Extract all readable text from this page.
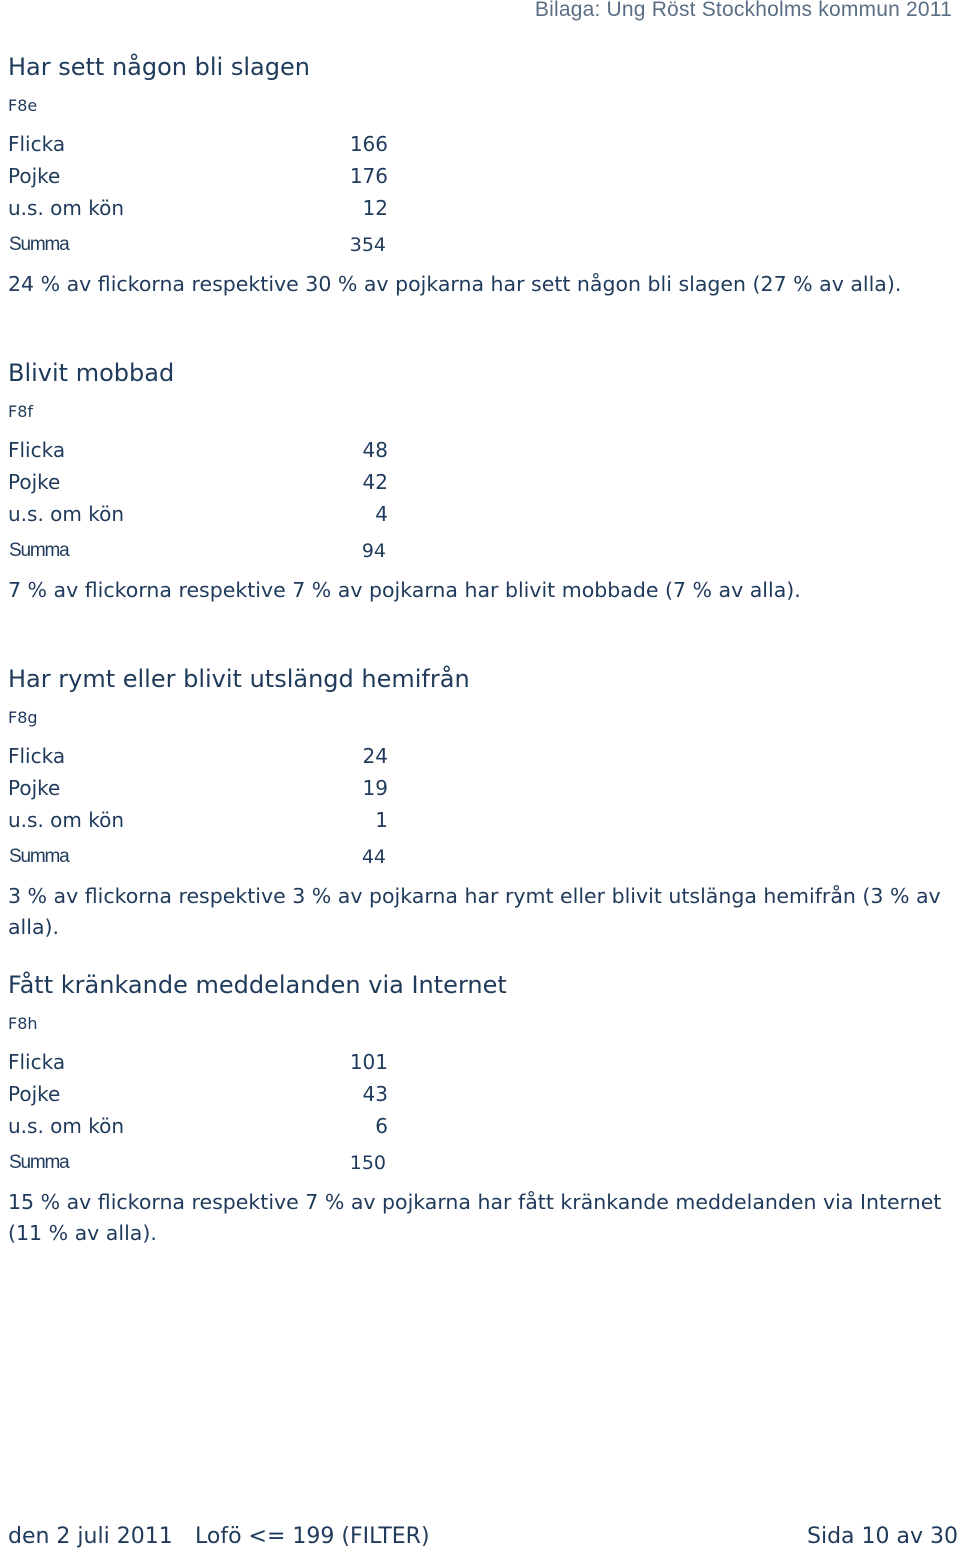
Bilaga: Ung Röst Stockholms kommun 2011
Har sett någon bli slagen
F8e
Flicka	166
Pojke	176
u.s. om kön	12
Summa	354
24 % av flickorna respektive 30 % av pojkarna har sett någon bli slagen (27 % av alla).
Blivit mobbad
F8f
Flicka	48
Pojke	42
u.s. om kön	4
Summa	94
7 % av flickorna respektive 7 % av pojkarna har blivit mobbade (7 % av alla).
Har rymt eller blivit utslängd hemifrån
F8g
Flicka	24
Pojke	19
u.s. om kön	1
Summa	44
3 % av flickorna respektive 3 % av pojkarna har rymt eller blivit utslänga hemifrån (3 % av alla).
Fått kränkande meddelanden via Internet
F8h
Flicka	101
Pojke	43
u.s. om kön	6
Summa	150
15 % av flickorna respektive 7 % av pojkarna har fått kränkande meddelanden via Internet (11 % av alla).
den 2 juli 2011 Lofö <= 199 (FILTER)	Sida 10 av 30
